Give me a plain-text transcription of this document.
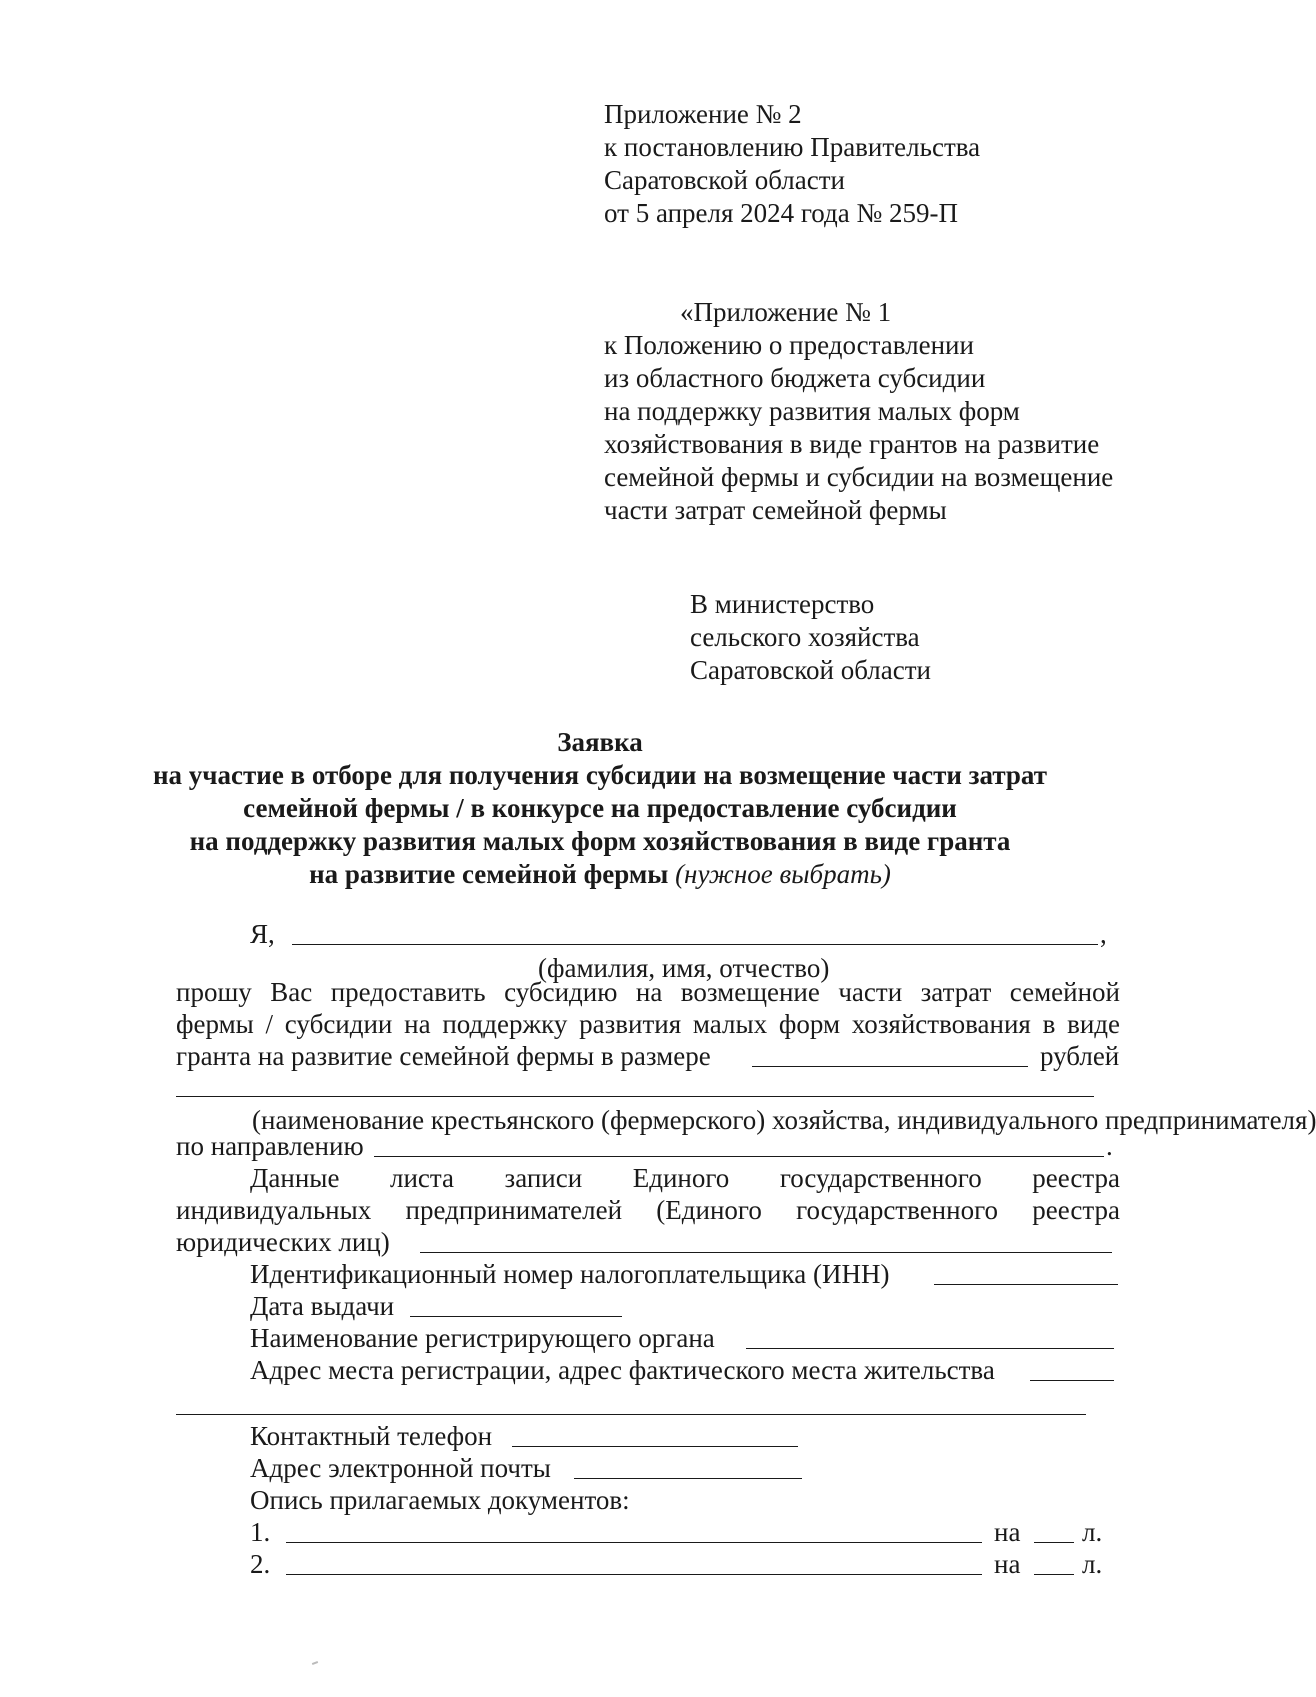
Приложение № 2
к постановлению Правительства
Саратовской области
от 5 апреля 2024 года № 259-П
«Приложение № 1
к Положению о предоставлении
из областного бюджета субсидии
на поддержку развития малых форм
хозяйствования в виде грантов на развитие
семейной фермы и субсидии на возмещение
части затрат семейной фермы
В министерство
сельского хозяйства
Саратовской области
Заявка
на участие в отборе для получения субсидии на возмещение части затрат
семейной фермы / в конкурсе на предоставление субсидии
на поддержку развития малых форм хозяйствования в виде гранта
на развитие семейной фермы (нужное выбрать)
Я,	,
(фамилия, имя, отчество)
прошу Вас предоставить субсидию на возмещение части затрат семейной
фермы / субсидии на поддержку развития малых форм хозяйствования в виде
гранта на развитие семейной фермы в размере	рублей
(наименование крестьянского (фермерского) хозяйства, индивидуального предпринимателя)
по направлению	.
Данные листа записи Единого государственного реестра
индивидуальных предпринимателей (Единого государственного реестра
юридических лиц)
Идентификационный номер налогоплательщика (ИНН)
Дата выдачи
Наименование регистрирующего органа
Адрес места регистрации, адрес фактического места жительства
Контактный телефон
Адрес электронной почты
Опись прилагаемых документов:
1.	на л.
2.	на л.
